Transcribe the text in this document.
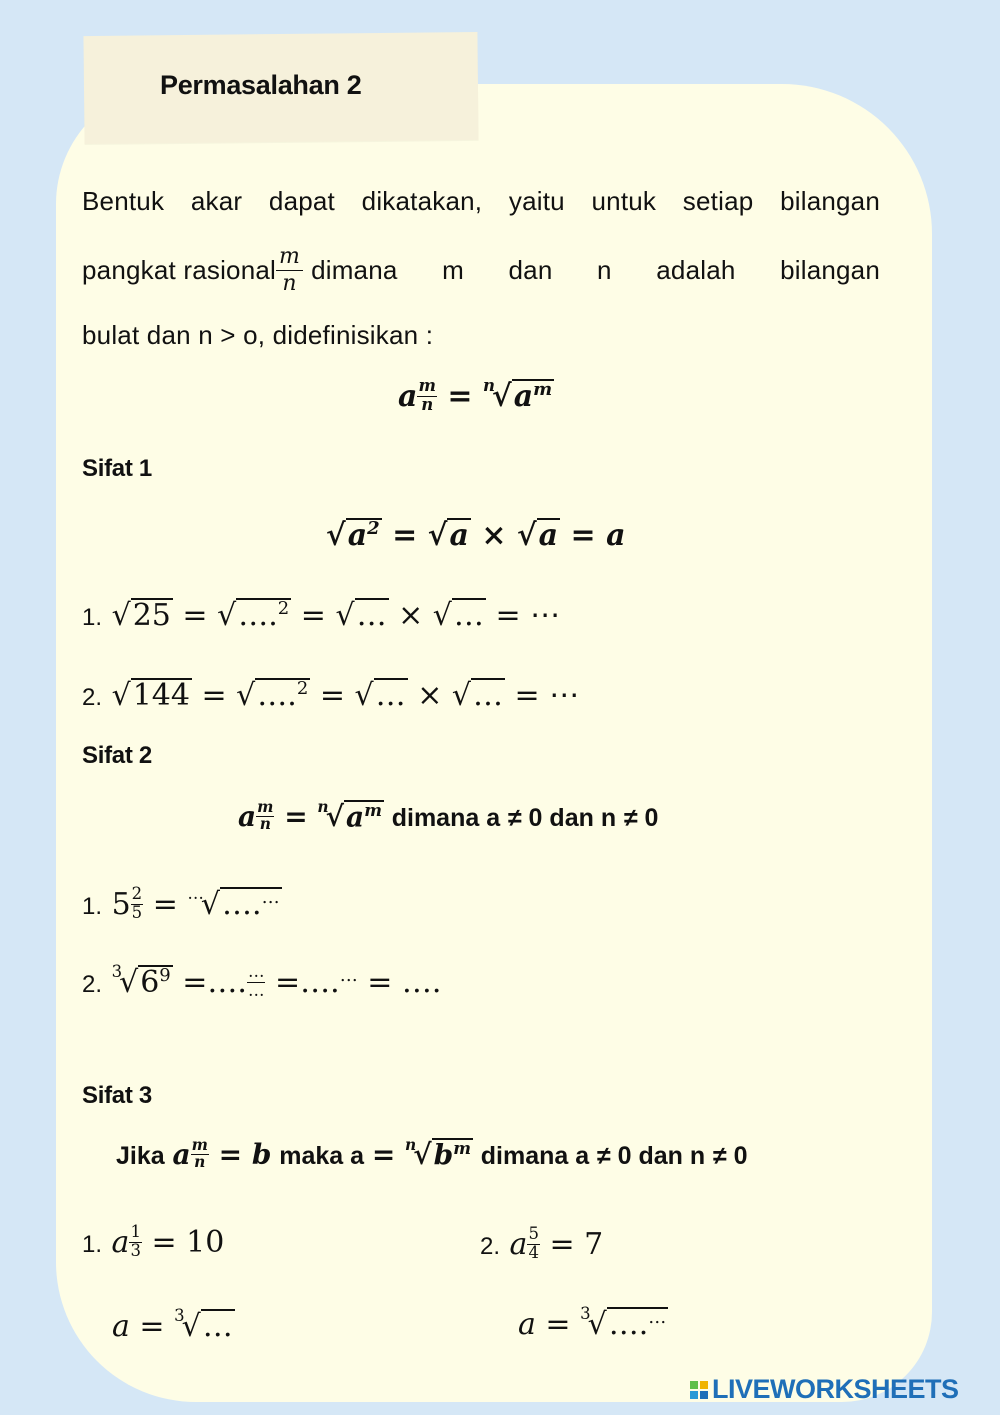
Permasalahan 2
Bentuk akar dapat dikatakan, yaitu untuk setiap bilangan
pangkat rasional $\frac{m}{n}$ dimana m dan n adalah bilangan
bulat dan n > o, didefinisikan :
a $\frac{m}{n} = ^n√a^m$
Sifat 1
$√a^2 = √a \times √a = a$
1. √25 = √….$^2$ = √… × √… = ⋯
2. √144 = √….$^2$ = √… × √… = ⋯
Sifat 2
a $\frac{m}{n} = ^n√a^m$ dimana a ≠ 0 dan n ≠ 0
1. $5 \frac{2}{5}$ = …√….…
2. $^3√6^9$ =…. …
… =….… = ….
Sifat 3
Jika a $\frac{m}{n} = b$ maka $a = ^n√b^m$ dimana a ≠ 0 dan n ≠ 0
1. a $\frac{1}{3} = 10$
a = $^3$√…
2. a $\frac{5}{4} = 7$
a = $^3$√….…
LIVEWORKSHEETS
